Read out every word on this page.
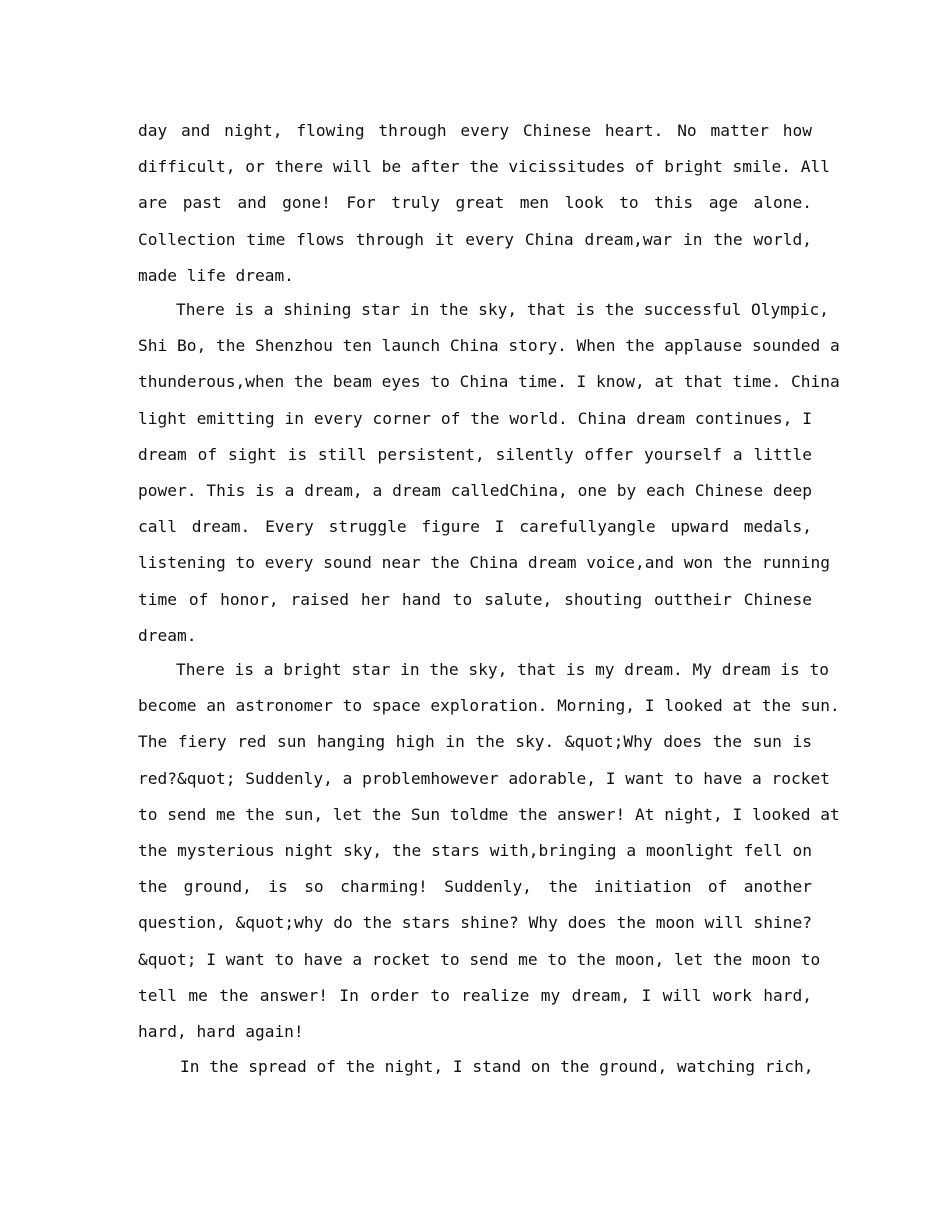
day and night, flowing through every Chinese heart. No matter how
difficult, or there will be after the vicissitudes of bright smile. All
are past and gone! For truly great men look to this age alone.
Collection time flows through it every China dream,war in the world,
made life dream.
There is a shining star in the sky, that is the successful Olympic,
Shi Bo, the Shenzhou ten launch China story. When the applause sounded a
thunderous,when the beam eyes to China time. I know, at that time. China
light emitting in every corner of the world. China dream continues, I
dream of sight is still persistent, silently offer yourself a little
power. This is a dream, a dream calledChina, one by each Chinese deep
call dream. Every struggle figure I carefullyangle upward medals,
listening to every sound near the China dream voice,and won the running
time of honor, raised her hand to salute, shouting outtheir Chinese
dream.
There is a bright star in the sky, that is my dream. My dream is to
become an astronomer to space exploration. Morning, I looked at the sun.
The fiery red sun hanging high in the sky. &quot;Why does the sun is
red?&quot; Suddenly, a problemhowever adorable, I want to have a rocket
to send me the sun, let the Sun toldme the answer! At night, I looked at
the mysterious night sky, the stars with,bringing a moonlight fell on
the ground, is so charming! Suddenly, the initiation of another
question, &quot;why do the stars shine? Why does the moon will shine?
&quot; I want to have a rocket to send me to the moon, let the moon to
tell me the answer! In order to realize my dream, I will work hard,
hard, hard again!
In the spread of the night, I stand on the ground, watching rich,
